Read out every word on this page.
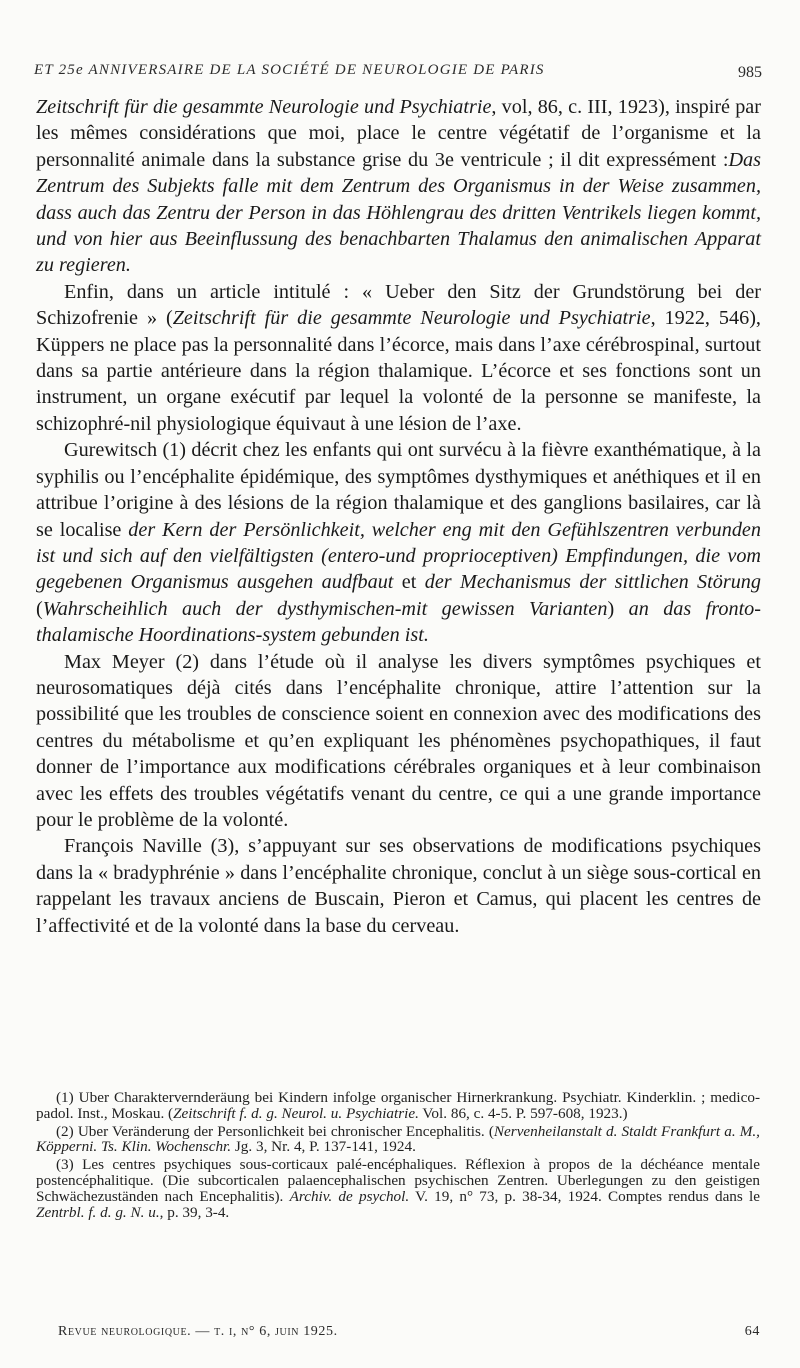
ET 25e ANNIVERSAIRE DE LA SOCIÉTÉ DE NEUROLOGIE DE PARIS	985

Zeitschrift für die gesammte Neurologie und Psychiatrie, vol, 86, c. III, 1923), inspiré par les mêmes considérations que moi, place le centre végétatif de l’organisme et la personnalité animale dans la substance grise du 3e ventricule ; il dit expressément :Das Zentrum des Subjekts falle mit dem Zentrum des Organismus in der Weise zusammen, dass auch das Zentru der Person in das Höhlengrau des dritten Ventrikels liegen kommt, und von hier aus Beeinflussung des benachbarten Thalamus den animalischen Apparat zu regieren.

Enfin, dans un article intitulé : « Ueber den Sitz der Grundstörung bei der Schizofrenie » (Zeitschrift für die gesammte Neurologie und Psychiatrie, 1922, 546), Küppers ne place pas la personnalité dans l’écorce, mais dans l’axe cérébrospinal, surtout dans sa partie antérieure dans la région thalamique. L’écorce et ses fonctions sont un instrument, un organe exécutif par lequel la volonté de la personne se manifeste, la schizophré-nil physiologique équivaut à une lésion de l’axe.

Gurewitsch (1) décrit chez les enfants qui ont survécu à la fièvre exanthématique, à la syphilis ou l’encéphalite épidémique, des symptômes dysthymiques et anéthiques et il en attribue l’origine à des lésions de la région thalamique et des ganglions basilaires, car là se localise der Kern der Persönlichkeit, welcher eng mit den Gefühlszentren verbunden ist und sich auf den vielfältigsten (entero-und proprioceptiven) Empfindungen, die vom gegebenen Organismus ausgehen audfbaut et der Mechanismus der sittlichen Störung (Wahrscheihlich auch der dysthymischen-mit gewissen Varianten) an das fronto-thalamische Hoordinations-system gebunden ist.

Max Meyer (2) dans l’étude où il analyse les divers symptômes psychiques et neurosomatiques déjà cités dans l’encéphalite chronique, attire l’attention sur la possibilité que les troubles de conscience soient en connexion avec des modifications des centres du métabolisme et qu’en expliquant les phénomènes psychopathiques, il faut donner de l’importance aux modifications cérébrales organiques et à leur combinaison avec les effets des troubles végétatifs venant du centre, ce qui a une grande importance pour le problème de la volonté.

François Naville (3), s’appuyant sur ses observations de modifications psychiques dans la « bradyphrénie » dans l’encéphalite chronique, conclut à un siège sous-cortical en rappelant les travaux anciens de Buscain, Pieron et Camus, qui placent les centres de l’affectivité et de la volonté dans la base du cerveau.

(1) Uber Charaktervernderäung bei Kindern infolge organischer Hirnerkrankung. Psychiatr. Kinderklin. ; medico-padol. Inst., Moskau. (Zeitschrift f. d. g. Neurol. u. Psychiatrie. Vol. 86, c. 4-5. P. 597-608, 1923.)

(2) Uber Veränderung der Personlichkeit bei chronischer Encephalitis. (Nervenheilanstalt d. Staldt Frankfurt a. M., Köpperni. Ts. Klin. Wochenschr. Jg. 3, Nr. 4, P. 137-141, 1924.

(3) Les centres psychiques sous-corticaux palé-encéphaliques. Réflexion à propos de la déchéance mentale postencéphalitique. (Die subcorticalen palaencephalischen psychischen Zentren. Uberlegungen zu den geistigen Schwächezuständen nach Encephalitis). Archiv. de psychol. V. 19, n° 73, p. 38-34, 1924. Comptes rendus dans le Zentrbl. f. d. g. N. u., p. 39, 3-4.

Revue neurologique. — t. i, n° 6, juin 1925.	64
